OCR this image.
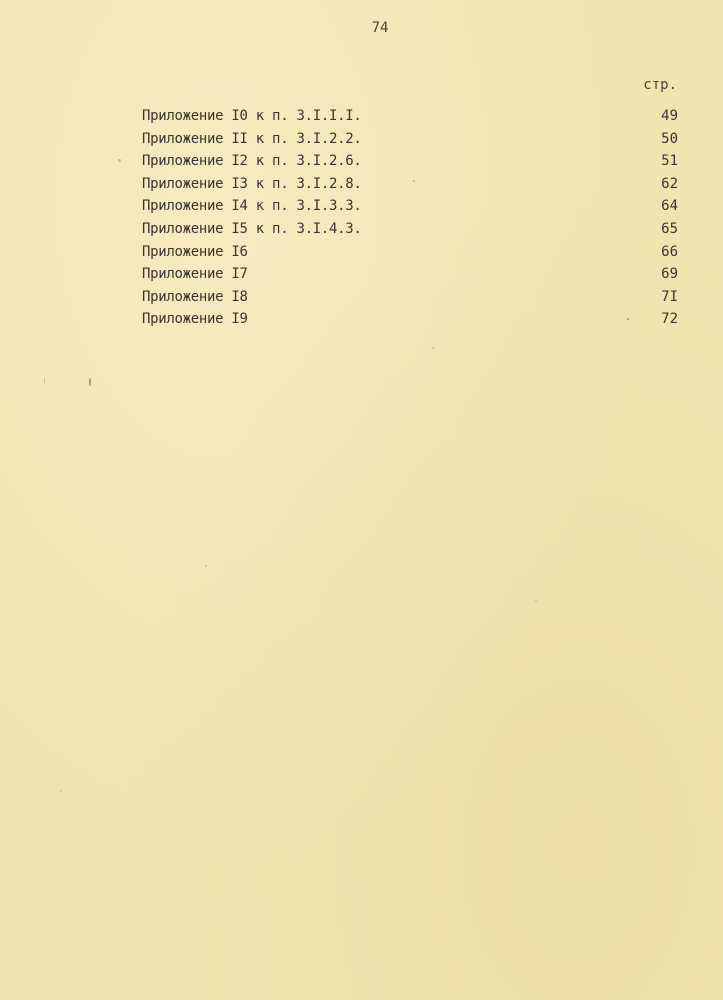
74
стр.

Приложение I0 к п. 3.I.I.I.

	49

Приложение II к п. 3.I.2.2.

	50

Приложение I2 к п. 3.I.2.6.

	51

Приложение I3 к п. 3.I.2.8.

	62

Приложение I4 к п. 3.I.3.3.

	64

Приложение I5 к п. 3.I.4.3.

	65

Приложение I6

	66

Приложение I7

	69

Приложение I8

	7I

Приложение I9

	72
